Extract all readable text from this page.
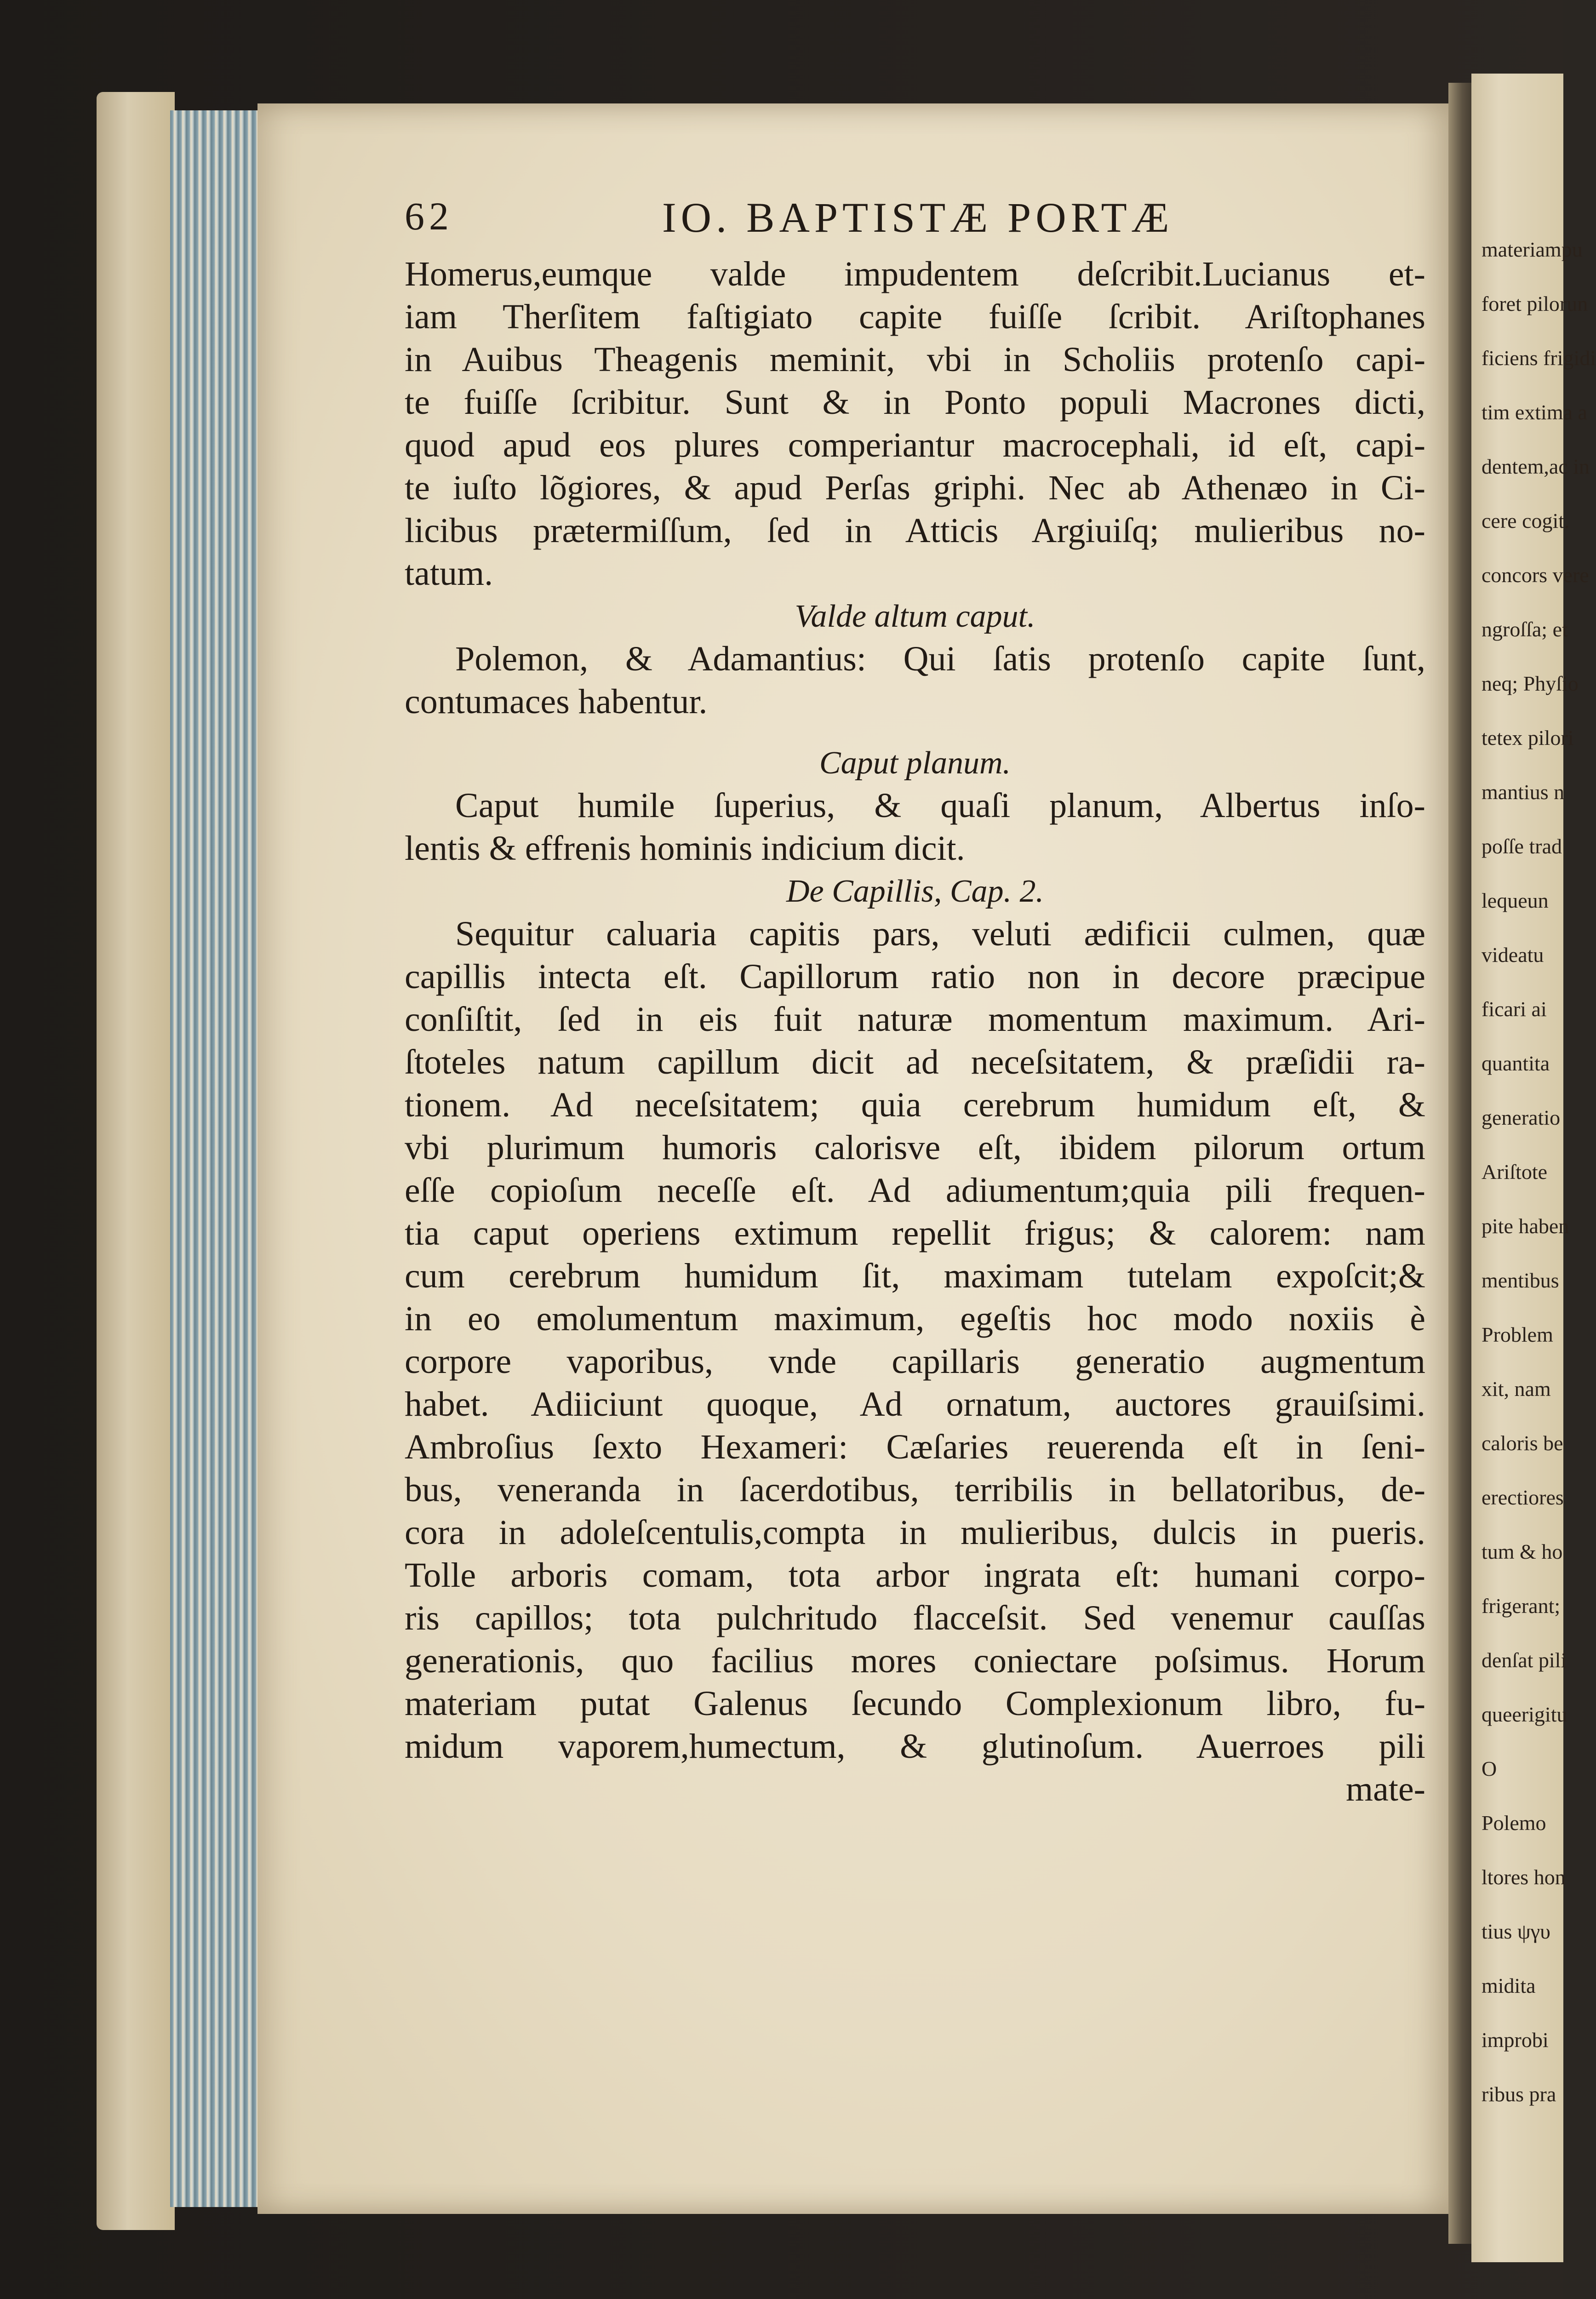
materiampu
foret pilorun
ficiens frigidi
tim extima a
dentem,ac in
cere cogit.
concors vere
ngroſſa; et
neq; Phyſio
tetex pilori
mantius n
poſſe trad
lequeun
videatu
ficari ai
quantita
generatio
Ariſtote
pite haben
mentibus
Problem
xit, nam
caloris be
erectiores
tum & ho
frigerant;
denſat pili
queerigitu
O
Polemo
ltores hon
tius ψγυ
midita
improbi
ribus pra
62	IO. BAPTISTÆ PORTÆ
Homerus,eumque valde impudentem deſcribit.Lucianus et-
iam Therſitem faſtigiato capite fuiſſe ſcribit. Ariſtophanes
in Auibus Theagenis meminit, vbi in Scholiis protenſo capi-
te fuiſſe ſcribitur. Sunt & in Ponto populi Macrones dicti,
quod apud eos plures comperiantur macrocephali, id eſt, capi-
te iuſto lõgiores, & apud Perſas griphi. Nec ab Athenæo in Ci-
licibus prætermiſſum, ſed in Atticis Argiuiſq; mulieribus no-
tatum.
Valde altum caput.
Polemon, & Adamantius: Qui ſatis protenſo capite ſunt,
contumaces habentur.
Caput planum.
Caput humile ſuperius, & quaſi planum, Albertus inſo-
lentis & effrenis hominis indicium dicit.
De Capillis, Cap. 2.
Sequitur caluaria capitis pars, veluti ædificii culmen, quæ
capillis intecta eſt. Capillorum ratio non in decore præcipue
conſiſtit, ſed in eis fuit naturæ momentum maximum. Ari-
ſtoteles natum capillum dicit ad neceſsitatem, & præſidii ra-
tionem. Ad neceſsitatem; quia cerebrum humidum eſt, &
vbi plurimum humoris calorisve eſt, ibidem pilorum ortum
eſſe copioſum neceſſe eſt. Ad adiumentum;quia pili frequen-
tia caput operiens extimum repellit frigus; & calorem: nam
cum cerebrum humidum ſit, maximam tutelam expoſcit;&
in eo emolumentum maximum, egeſtis hoc modo noxiis è
corpore vaporibus, vnde capillaris generatio augmentum
habet. Adiiciunt quoque, Ad ornatum, auctores grauiſsimi.
Ambroſius ſexto Hexameri: Cæſaries reuerenda eſt in ſeni-
bus, veneranda in ſacerdotibus, terribilis in bellatoribus, de-
cora in adoleſcentulis,compta in mulieribus, dulcis in pueris.
Tolle arboris comam, tota arbor ingrata eſt: humani corpo-
ris capillos; tota pulchritudo flacceſsit. Sed venemur cauſſas
generationis, quo facilius mores coniectare poſsimus. Horum
materiam putat Galenus ſecundo Complexionum libro, fu-
midum vaporem,humectum, & glutinoſum. Auerroes pili
mate-
